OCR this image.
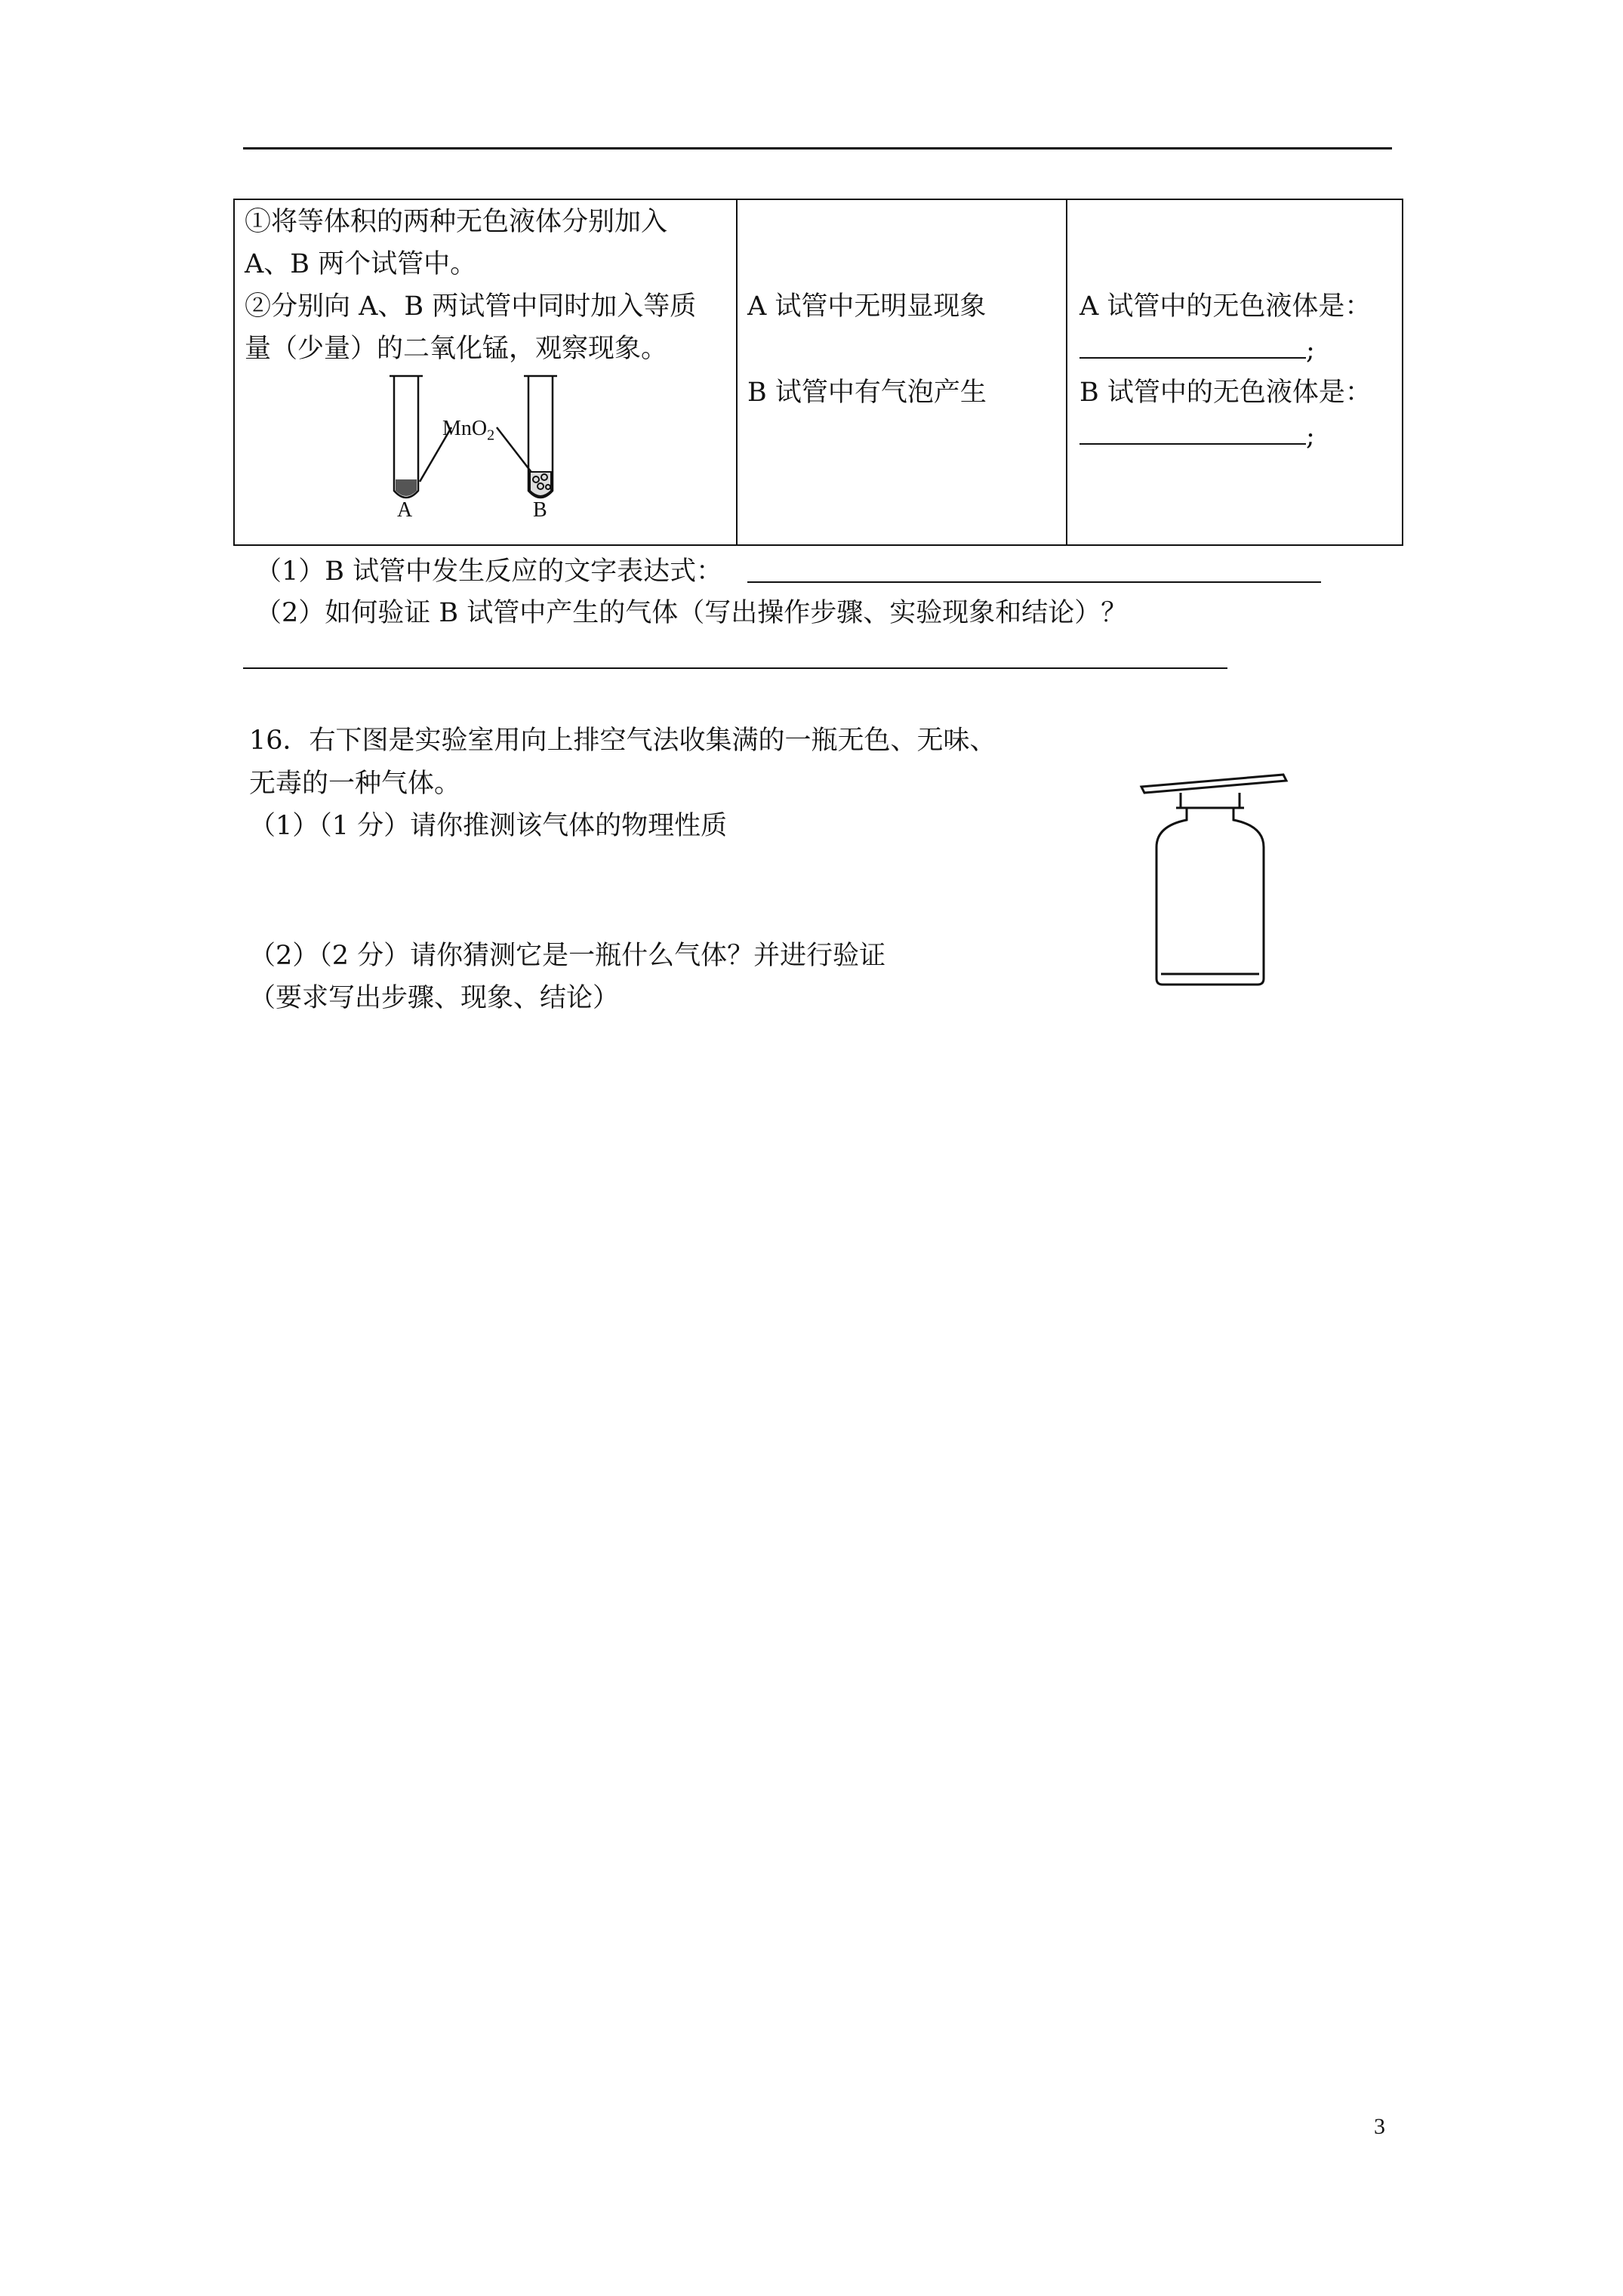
①将等体积的两种无色液体分别加入
A、B 两个试管中。
②分别向 A、B 两试管中同时加入等质
量（少量）的二氧化锰，观察现象。
MnO$_2$
A	B
A 试管中无明显现象
B 试管中有气泡产生
A 试管中的无色液体是：
;
B 试管中的无色液体是：
;
（1）B 试管中发生反应的文字表达式：
（2）如何验证 B 试管中产生的气体（写出操作步骤、实验现象和结论）？
16．右下图是实验室用向上排空气法收集满的一瓶无色、无味、
无毒的一种气体。
（1）（1 分）请你推测该气体的物理性质
（2）（2 分）请你猜测它是一瓶什么气体？并进行验证
（要求写出步骤、现象、结论）
3
